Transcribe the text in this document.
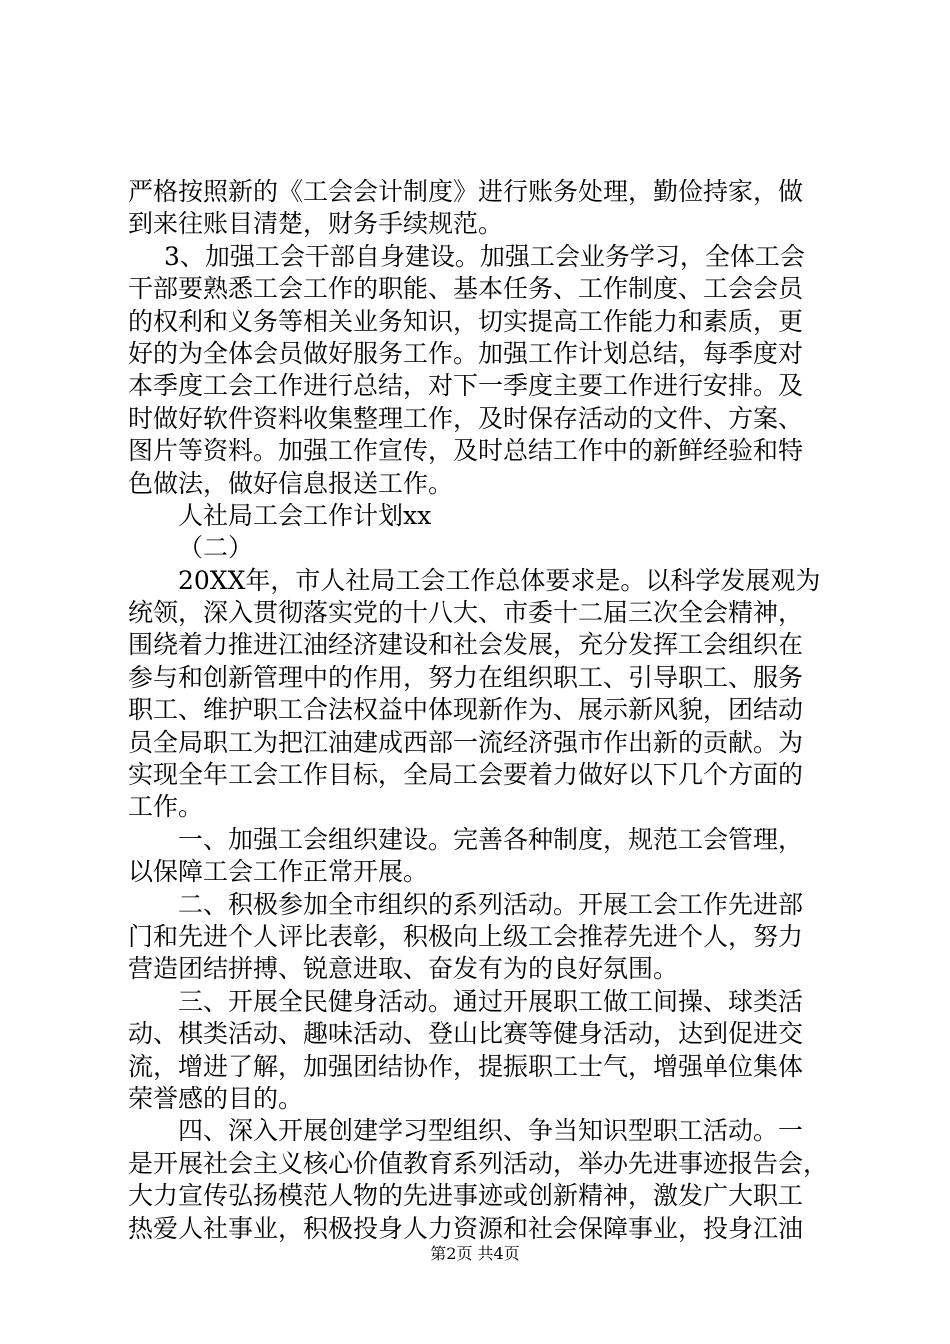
严格按照新的《工会会计制度》进行账务处理，勤俭持家，做
到来往账目清楚，财务手续规范。
3、加强工会干部自身建设。加强工会业务学习，全体工会
干部要熟悉工会工作的职能、基本任务、工作制度、工会会员
的权利和义务等相关业务知识，切实提高工作能力和素质，更
好的为全体会员做好服务工作。加强工作计划总结，每季度对
本季度工会工作进行总结，对下一季度主要工作进行安排。及
时做好软件资料收集整理工作，及时保存活动的文件、方案、
图片等资料。加强工作宣传，及时总结工作中的新鲜经验和特
色做法，做好信息报送工作。
人社局工会工作计划xx
（二）
20XX年，市人社局工会工作总体要求是。以科学发展观为
统领，深入贯彻落实党的十八大、市委十二届三次全会精神，
围绕着力推进江油经济建设和社会发展，充分发挥工会组织在
参与和创新管理中的作用，努力在组织职工、引导职工、服务
职工、维护职工合法权益中体现新作为、展示新风貌，团结动
员全局职工为把江油建成西部一流经济强市作出新的贡献。为
实现全年工会工作目标，全局工会要着力做好以下几个方面的
工作。
一、加强工会组织建设。完善各种制度，规范工会管理，
以保障工会工作正常开展。
二、积极参加全市组织的系列活动。开展工会工作先进部
门和先进个人评比表彰，积极向上级工会推荐先进个人，努力
营造团结拼搏、锐意进取、奋发有为的良好氛围。
三、开展全民健身活动。通过开展职工做工间操、球类活
动、棋类活动、趣味活动、登山比赛等健身活动，达到促进交
流，增进了解，加强团结协作，提振职工士气，增强单位集体
荣誉感的目的。
四、深入开展创建学习型组织、争当知识型职工活动。一
是开展社会主义核心价值教育系列活动，举办先进事迹报告会，
大力宣传弘扬模范人物的先进事迹或创新精神，激发广大职工
热爱人社事业，积极投身人力资源和社会保障事业，投身江油
第2页 共4页
